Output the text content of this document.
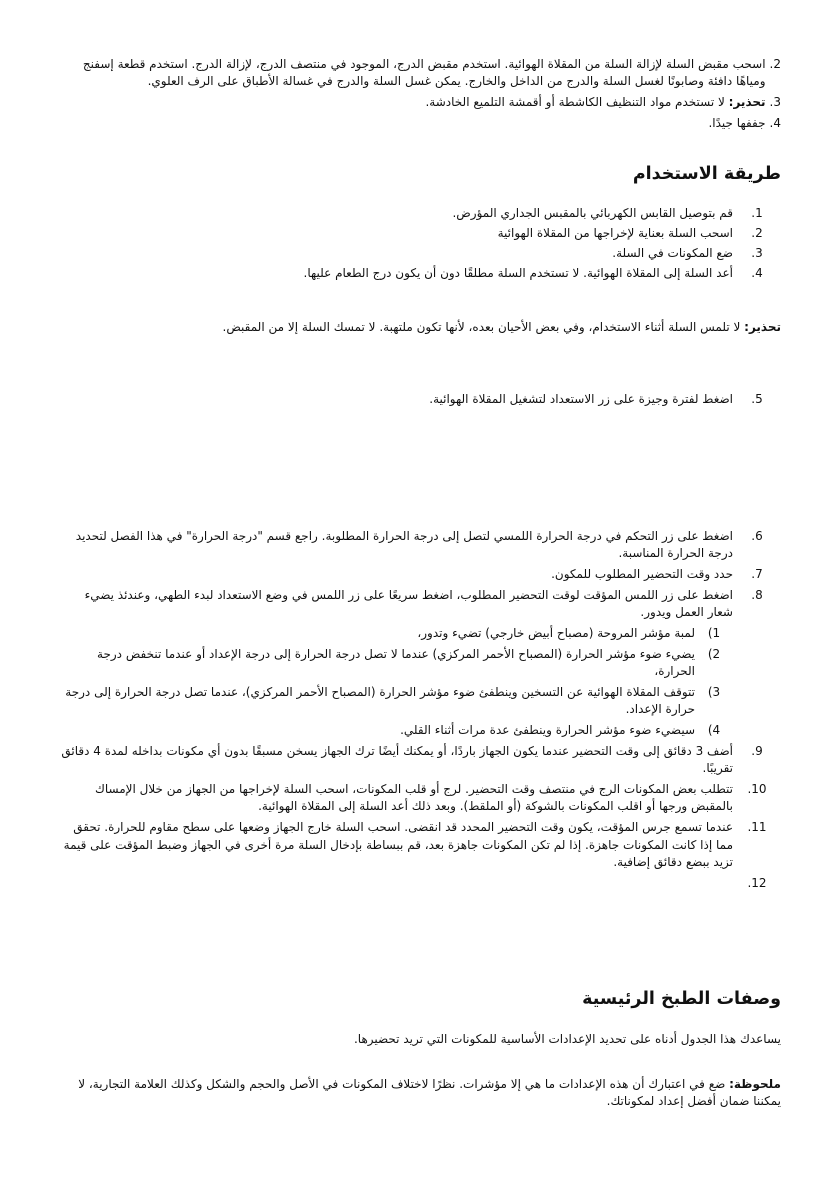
2.
اسحب مقبض السلة لإزالة السلة من المقلاة الهوائية. استخدم مقبض الدرج، الموجود في منتصف الدرج، لإزالة الدرج. استخدم قطعة إسفنج ومياهًا دافئة وصابونًا لغسل السلة والدرج من الداخل والخارج. يمكن غسل السلة والدرج في غسالة الأطباق على الرف العلوي.
3.
تحذير: لا تستخدم مواد التنظيف الكاشطة أو أقمشة التلميع الخادشة.
4.
جففها جيدًا.
طريقة الاستخدام
1.
قم بتوصيل القابس الكهربائي بالمقبس الجداري المؤرض.
2.
اسحب السلة بعناية لإخراجها من المقلاة الهوائية
3.
ضع المكونات في السلة.
4.
أعد السلة إلى المقلاة الهوائية. لا تستخدم السلة مطلقًا دون أن يكون درج الطعام عليها.
تحذير: لا تلمس السلة أثناء الاستخدام، وفي بعض الأحيان بعده، لأنها تكون ملتهبة. لا تمسك السلة إلا من المقبض.
5.
اضغط لفترة وجيزة على زر الاستعداد لتشغيل المقلاة الهوائية.
6.
اضغط على زر التحكم في درجة الحرارة اللمسي لتصل إلى درجة الحرارة المطلوبة. راجع قسم "درجة الحرارة" في هذا الفصل لتحديد درجة الحرارة المناسبة.
7.
حدد وقت التحضير المطلوب للمكون.
8.
اضغط على زر اللمس المؤقت لوقت التحضير المطلوب، اضغط سريعًا على زر اللمس في وضع الاستعداد لبدء الطهي، وعندئذ يضيء شعار العمل ويدور.
1)
لمبة مؤشر المروحة (مصباح أبيض خارجي) تضيء وتدور،
2)
يضيء ضوء مؤشر الحرارة (المصباح الأحمر المركزي) عندما لا تصل درجة الحرارة إلى درجة الإعداد أو عندما تنخفض درجة الحرارة،
3)
تتوقف المقلاة الهوائية عن التسخين وينطفئ ضوء مؤشر الحرارة (المصباح الأحمر المركزي)، عندما تصل درجة الحرارة إلى درجة حرارة الإعداد.
4)
سيضيء ضوء مؤشر الحرارة وينطفئ عدة مرات أثناء القلي.
9.
أضف 3 دقائق إلى وقت التحضير عندما يكون الجهاز باردًا، أو يمكنك أيضًا ترك الجهاز يسخن مسبقًا بدون أي مكونات بداخله لمدة 4 دقائق تقريبًا.
10.
تتطلب بعض المكونات الرج في منتصف وقت التحضير. لرج أو قلب المكونات، اسحب السلة لإخراجها من الجهاز من خلال الإمساك بالمقبض ورجها أو اقلب المكونات بالشوكة (أو الملقط). وبعد ذلك أعد السلة إلى المقلاة الهوائية.
11.
عندما تسمع جرس المؤقت، يكون وقت التحضير المحدد قد انقضى. اسحب السلة خارج الجهاز وضعها على سطح مقاوم للحرارة. تحقق مما إذا كانت المكونات جاهزة. إذا لم تكن المكونات جاهزة بعد، قم ببساطة بإدخال السلة مرة أخرى في الجهاز وضبط المؤقت على قيمة تزيد ببضع دقائق إضافية.
12.
وصفات الطبخ الرئيسية
يساعدك هذا الجدول أدناه على تحديد الإعدادات الأساسية للمكونات التي تريد تحضيرها.
ملحوظة: ضع في اعتبارك أن هذه الإعدادات ما هي إلا مؤشرات. نظرًا لاختلاف المكونات في الأصل والحجم والشكل وكذلك العلامة التجارية، لا يمكننا ضمان أفضل إعداد لمكوناتك.
